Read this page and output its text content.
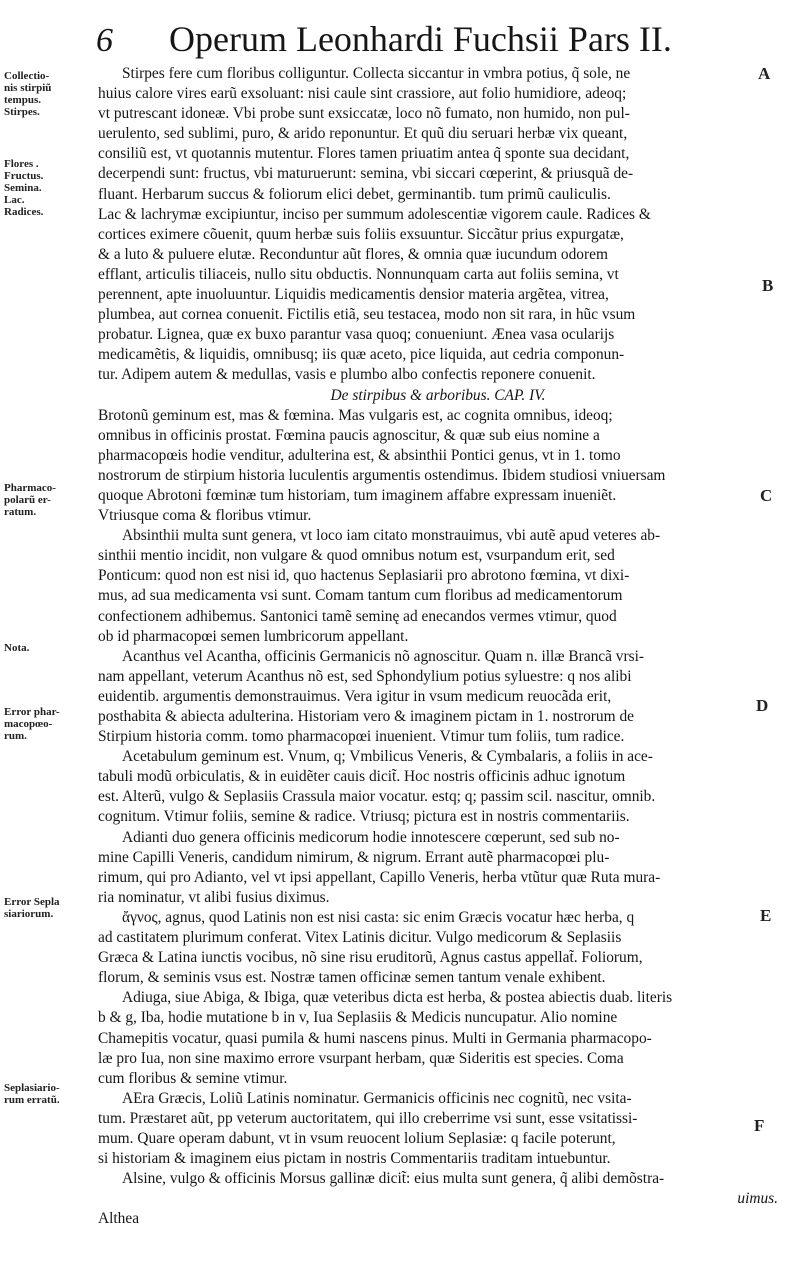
6 Operum Leonhardi Fuchsii Pars II.
A
B
C
D
E
F
Collectio-
nis stirpiũ
tempus.
Stirpes.
Flores .
Fructus.
Semina.
Lac.
Radices.
Pharmaco-
polarũ er-
ratum.
Nota.
Error phar-
macopœo-
rum.
Error Sepla
siariorum.
Seplasiario-
rum erratũ.
Stirpes fere cum floribus colliguntur. Collecta siccantur in vmbra potius, q̃ sole, ne
huius calore vires earũ exsoluant: nisi caule sint crassiore, aut folio humidiore, adeoq;
vt putrescant idoneæ. Vbi probe sunt exsiccatæ, loco nõ fumato, non humido, non pul-
uerulento, sed sublimi, puro, & arido reponuntur. Et quũ diu seruari herbæ vix queant,
consiliũ est, vt quotannis mutentur. Flores tamen priuatim antea q̃ sponte sua decidant,
decerpendi sunt: fructus, vbi maturuerunt: semina, vbi siccari cœperint, & priusquã de-
fluant. Herbarum succus & foliorum elici debet, germinantib. tum primũ cauliculis.
Lac & lachrymæ excipiuntur, inciso per summum adolescentiæ vigorem caule. Radices &
cortices eximere cõuenit, quum herbæ suis foliis exsuuntur. Siccãtur prius expurgatæ,
& a luto & puluere elutæ. Reconduntur aũt flores, & omnia quæ iucundum odorem
efflant, articulis tiliaceis, nullo situ obductis. Nonnunquam carta aut foliis semina, vt
perennent, apte inuoluuntur. Liquidis medicamentis densior materia argẽtea, vitrea,
plumbea, aut cornea conuenit. Fictilis etiã, seu testacea, modo non sit rara, in hũc vsum
probatur. Lignea, quæ ex buxo parantur vasa quoq; conueniunt. Ænea vasa ocularijs
medicamẽtis, & liquidis, omnibusq; iis quæ aceto, pice liquida, aut cedria componun-
tur. Adipem autem & medullas, vasis e plumbo albo confectis reponere conuenit.
De stirpibus & arboribus. CAP. IV.
Brotonũ geminum est, mas & fœmina. Mas vulgaris est, ac cognita omnibus, ideoq;
omnibus in officinis prostat. Fœmina paucis agnoscitur, & quæ sub eius nomine a
pharmacopœis hodie venditur, adulterina est, & absinthii Pontici genus, vt in 1. tomo
nostrorum de stirpium historia luculentis argumentis ostendimus. Ibidem studiosi vniuersam
quoque Abrotoni fœminæ tum historiam, tum imaginem affabre expressam inueniẽt.
Vtriusque coma & floribus vtimur.
Absinthii multa sunt genera, vt loco iam citato monstrauimus, vbi autẽ apud veteres ab-
sinthii mentio incidit, non vulgare & quod omnibus notum est, vsurpandum erit, sed
Ponticum: quod non est nisi id, quo hactenus Seplasiarii pro abrotono fœmina, vt dixi-
mus, ad sua medicamenta vsi sunt. Comam tantum cum floribus ad medicamentorum
confectionem adhibemus. Santonici tamẽ seminę ad enecandos vermes vtimur, quod
ob id pharmacopœi semen lumbricorum appellant.
Acanthus vel Acantha, officinis Germanicis nõ agnoscitur. Quam n. illæ Brancã vrsi-
nam appellant, veterum Acanthus nõ est, sed Sphondylium potius syluestre: q nos alibi
euidentib. argumentis demonstrauimus. Vera igitur in vsum medicum reuocãda erit,
posthabita & abiecta adulterina. Historiam vero & imaginem pictam in 1. nostrorum de
Stirpium historia comm. tomo pharmacopœi inuenient. Vtimur tum foliis, tum radice.
Acetabulum geminum est. Vnum, q; Vmbilicus Veneris, & Cymbalaris, a foliis in ace-
tabuli modũ orbiculatis, & in euidẽter cauis dicit̃. Hoc nostris officinis adhuc ignotum
est. Alterũ, vulgo & Seplasiis Crassula maior vocatur. estq; q; passim scil. nascitur, omnib.
cognitum. Vtimur foliis, semine & radice. Vtriusq; pictura est in nostris commentariis.
Adianti duo genera officinis medicorum hodie innotescere cœperunt, sed sub no-
mine Capilli Veneris, candidum nimirum, & nigrum. Errant autẽ pharmacopœi plu-
rimum, qui pro Adianto, vel vt ipsi appellant, Capillo Veneris, herba vtũtur quæ Ruta mura-
ria nominatur, vt alibi fusius diximus.
ἄγνος, agnus, quod Latinis non est nisi casta: sic enim Græcis vocatur hæc herba, q
ad castitatem plurimum conferat. Vitex Latinis dicitur. Vulgo medicorum & Seplasiis
Græca & Latina iunctis vocibus, nõ sine risu eruditorũ, Agnus castus appellat̃. Foliorum,
florum, & seminis vsus est. Nostræ tamen officinæ semen tantum venale exhibent.
Adiuga, siue Abiga, & Ibiga, quæ veteribus dicta est herba, & postea abiectis duab. literis
b & g, Iba, hodie mutatione b in v, Iua Seplasiis & Medicis nuncupatur. Alio nomine
Chamepitis vocatur, quasi pumila & humi nascens pinus. Multi in Germania pharmacopo-
læ pro Iua, non sine maximo errore vsurpant herbam, quæ Sideritis est species. Coma
cum floribus & semine vtimur.
AEra Græcis, Loliũ Latinis nominatur. Germanicis officinis nec cognitũ, nec vsita-
tum. Præstaret aũt, pp veterum auctoritatem, qui illo creberrime vsi sunt, esse vsitatissi-
mum. Quare operam dabunt, vt in vsum reuocent lolium Seplasiæ: q facile poterunt,
si historiam & imaginem eius pictam in nostris Commentariis traditam intuebuntur.
Alsine, vulgo & officinis Morsus gallinæ dicit̃: eius multa sunt genera, q̃ alibi demõstra-
uimus.
Althea
